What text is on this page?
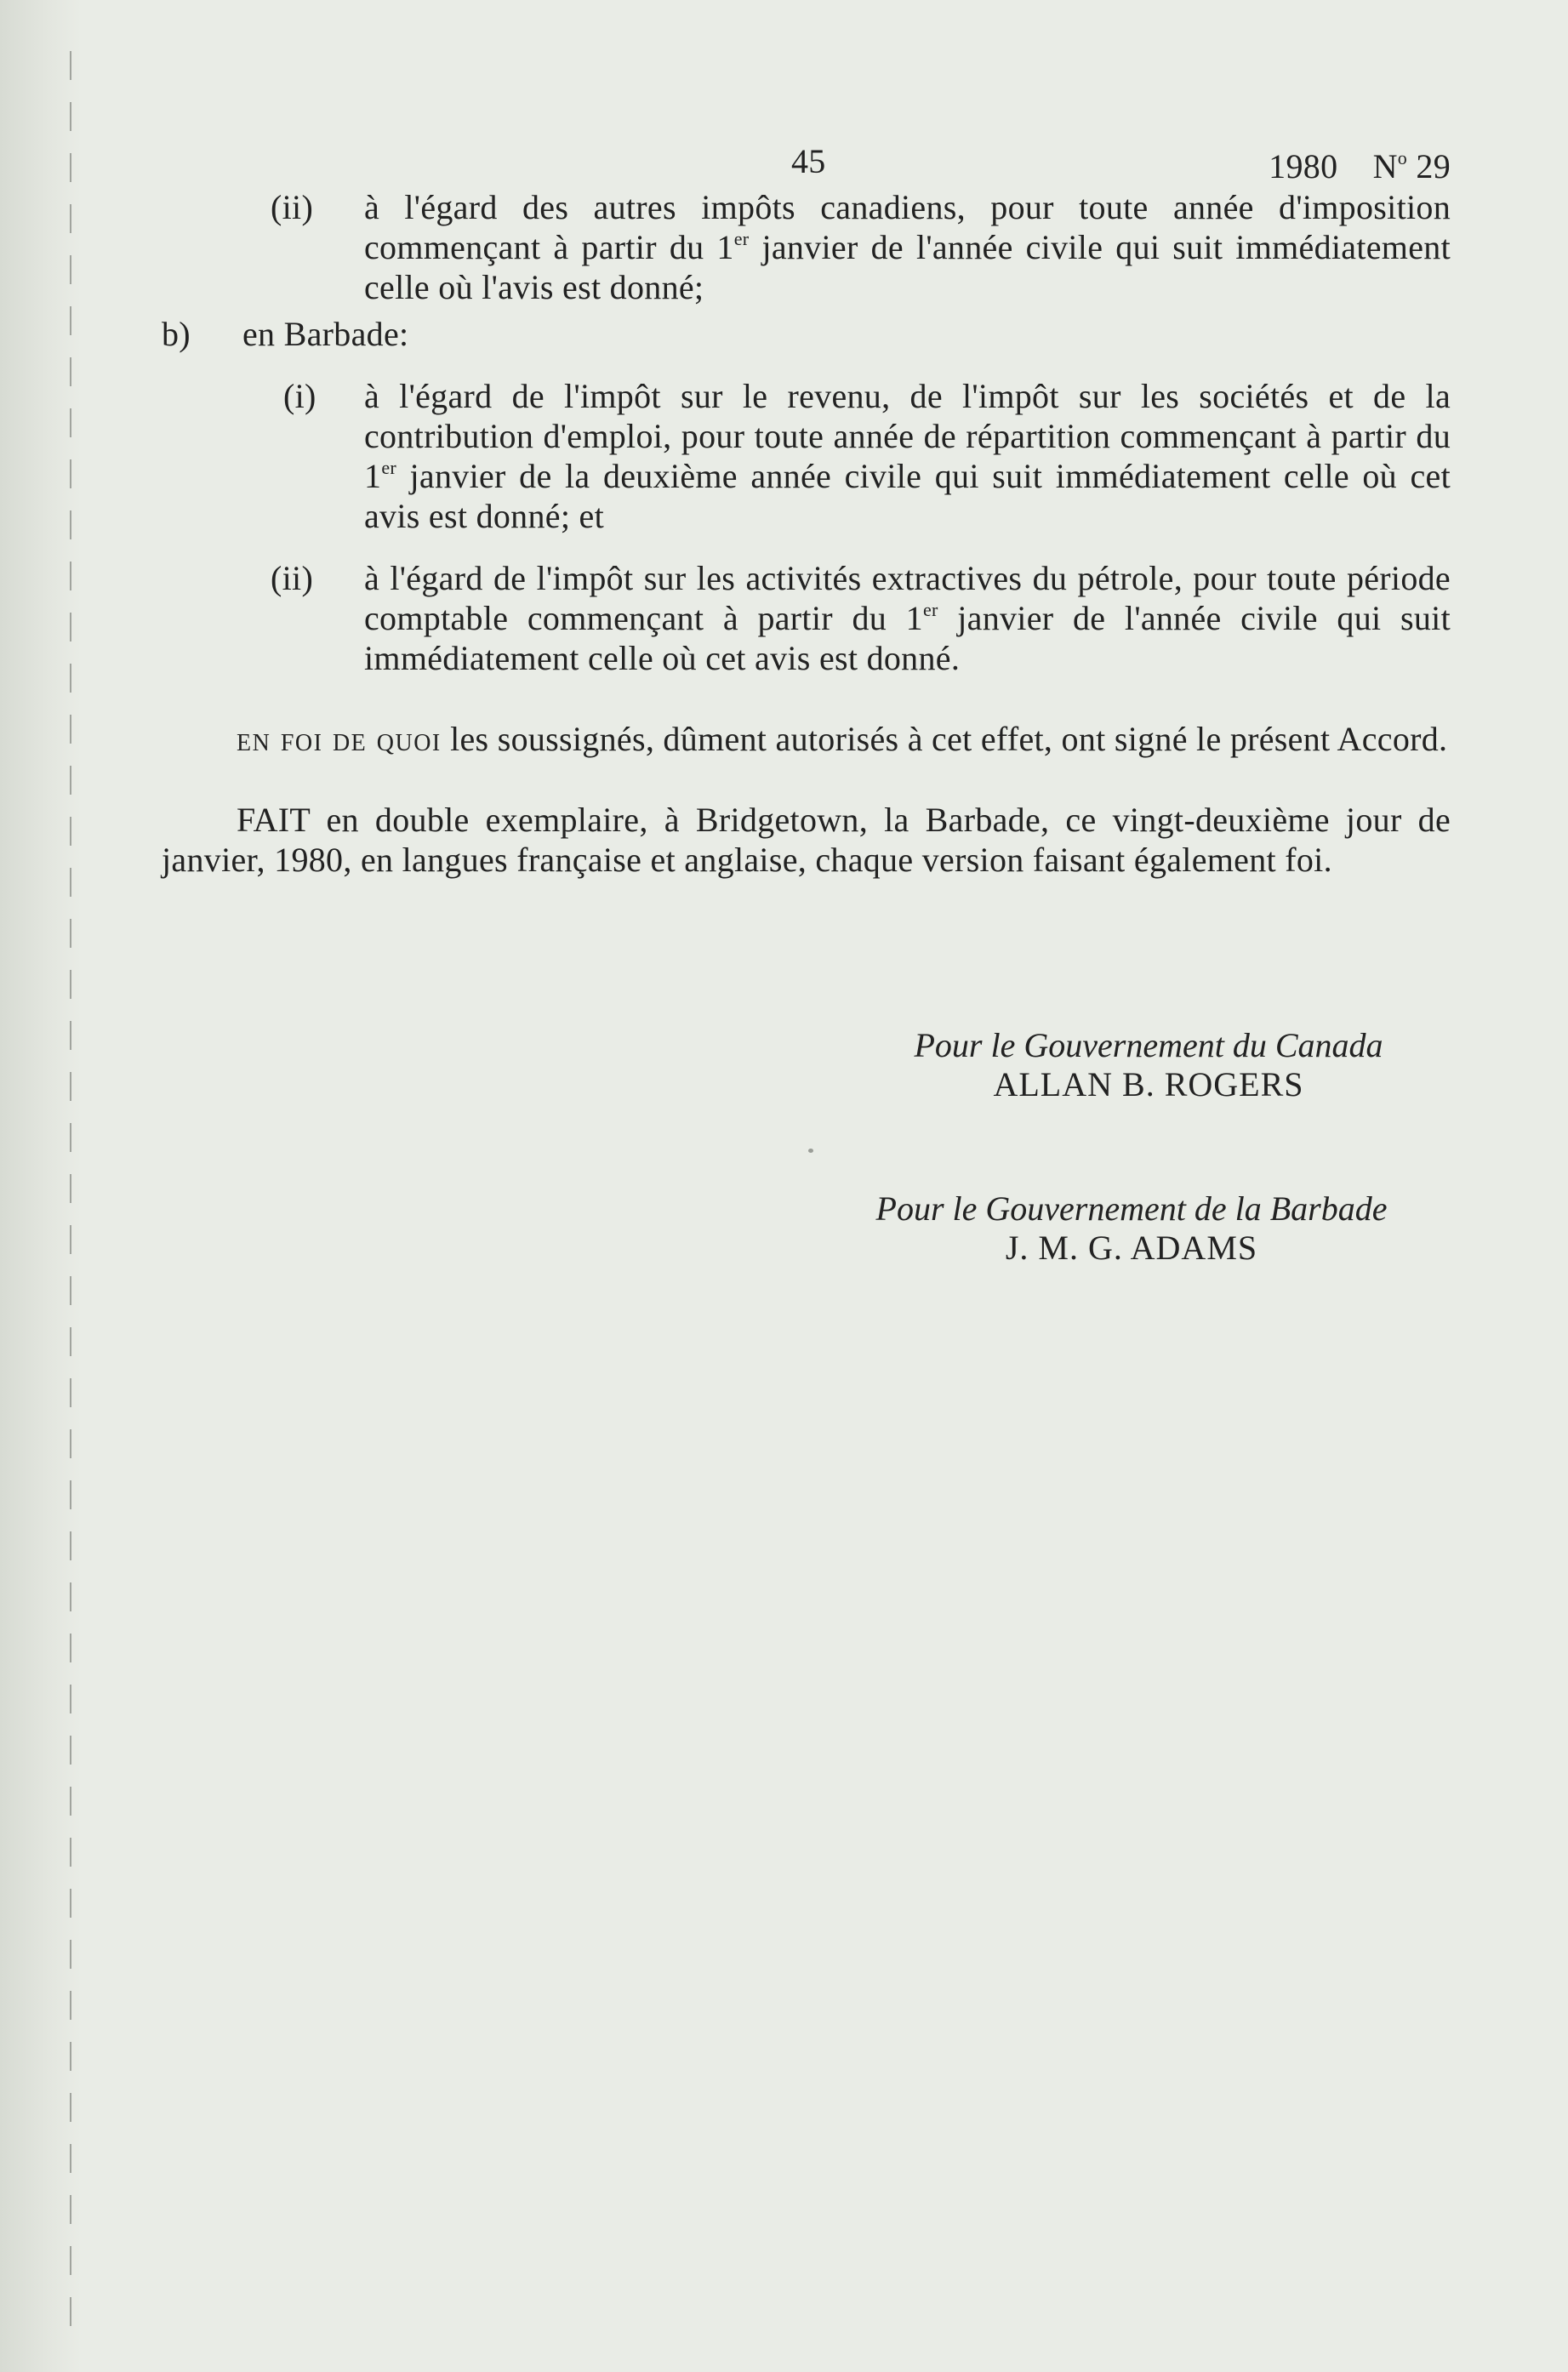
45	1980 $N^o$ 29
(ii) à l'égard des autres impôts canadiens, pour toute année d'imposition commençant à partir du 1er janvier de l'année civile qui suit immédiatement celle où l'avis est donné;
b) en Barbade:
(i) à l'égard de l'impôt sur le revenu, de l'impôt sur les sociétés et de la contribution d'emploi, pour toute année de répartition commençant à partir du 1er janvier de la deuxième année civile qui suit immédiatement celle où cet avis est donné; et
(ii) à l'égard de l'impôt sur les activités extractives du pétrole, pour toute période comptable commençant à partir du 1er janvier de l'année civile qui suit immédiatement celle où cet avis est donné.

en foi de quoi les soussignés, dûment autorisés à cet effet, ont signé le présent Accord.

FAIT en double exemplaire, à Bridgetown, la Barbade, ce vingt-deuxième jour de janvier, 1980, en langues française et anglaise, chaque version faisant également foi.

Pour le Gouvernement du Canada
ALLAN B. ROGERS
Pour le Gouvernement de la Barbade
J. M. G. ADAMS
